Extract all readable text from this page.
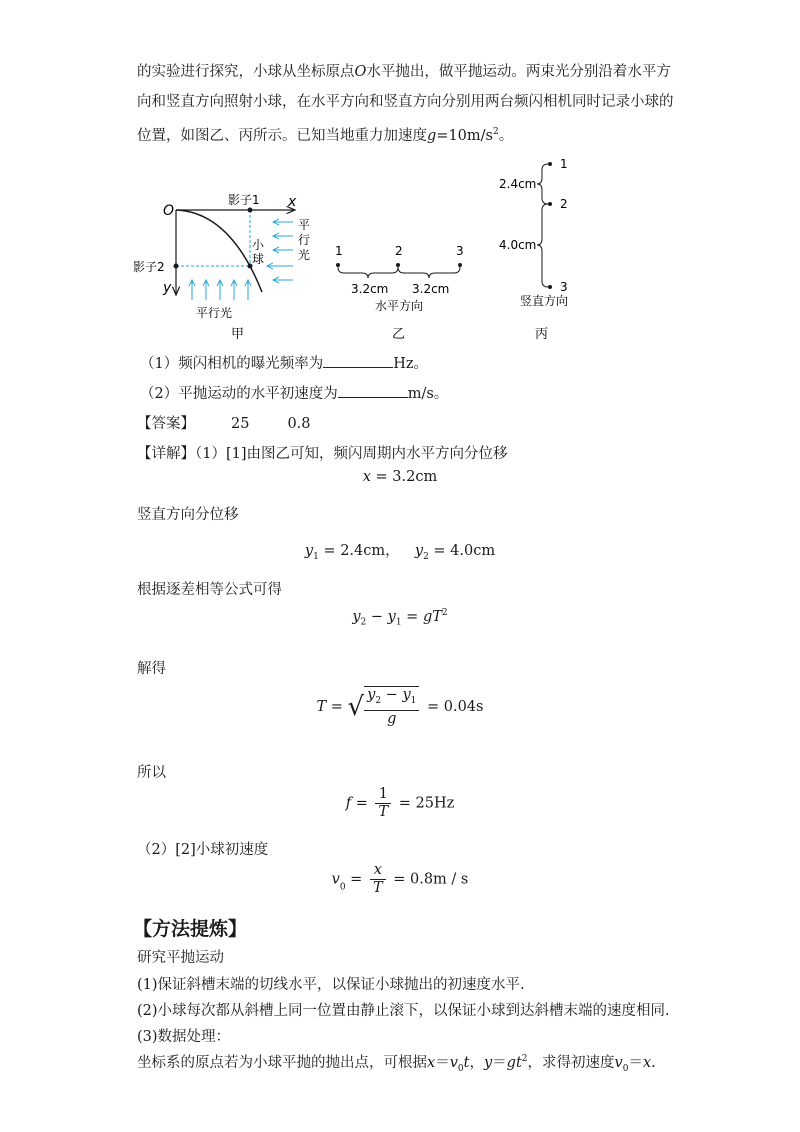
的实验进行探究，小球从坐标原点O水平抛出，做平抛运动。两束光分别沿着水平方
向和竖直方向照射小球，在水平方向和竖直方向分别用两台频闪相机同时记录小球的
位置，如图乙、丙所示。已知当地重力加速度$g=10m/s^2$。
O
x
y
影子1
影子2
小
球
平
行
光
平行光
甲
1	2	3
3.2cm 3.2cm
水平方向
乙
1
2
3
2.4cm
4.0cm
竖直方向
丙
（1）频闪相机的曝光频率为	Hz。
（2）平抛运动的水平初速度为	m/s。
【答案】 25	0.8
【详解】（1）[1]由图乙可知，频闪周期内水平方向分位移
x = 3.2cm
竖直方向分位移
$y_1 = 2.4cm$， $y_2 = 4.0cm$
根据逐差相等公式可得
$y_2 - y_1 = gT^2$
解得
T = √ $\frac{y_2 - y_1}{g} = 0.04s$
所以
$f = \frac{1}{T} = 25Hz$
（2）[2]小球初速度
$v_0 = \frac{x}{T} = 0.8m / s$
【方法提炼】
研究平抛运动
(1)保证斜槽末端的切线水平，以保证小球抛出的初速度水平.
(2)小球每次都从斜槽上同一位置由静止滚下，以保证小球到达斜槽末端的速度相同.
(3)数据处理：
坐标系的原点若为小球平抛的抛出点，可根据$x=v_0t$，$y=gt^2$，求得初速度$v_0=x$.
